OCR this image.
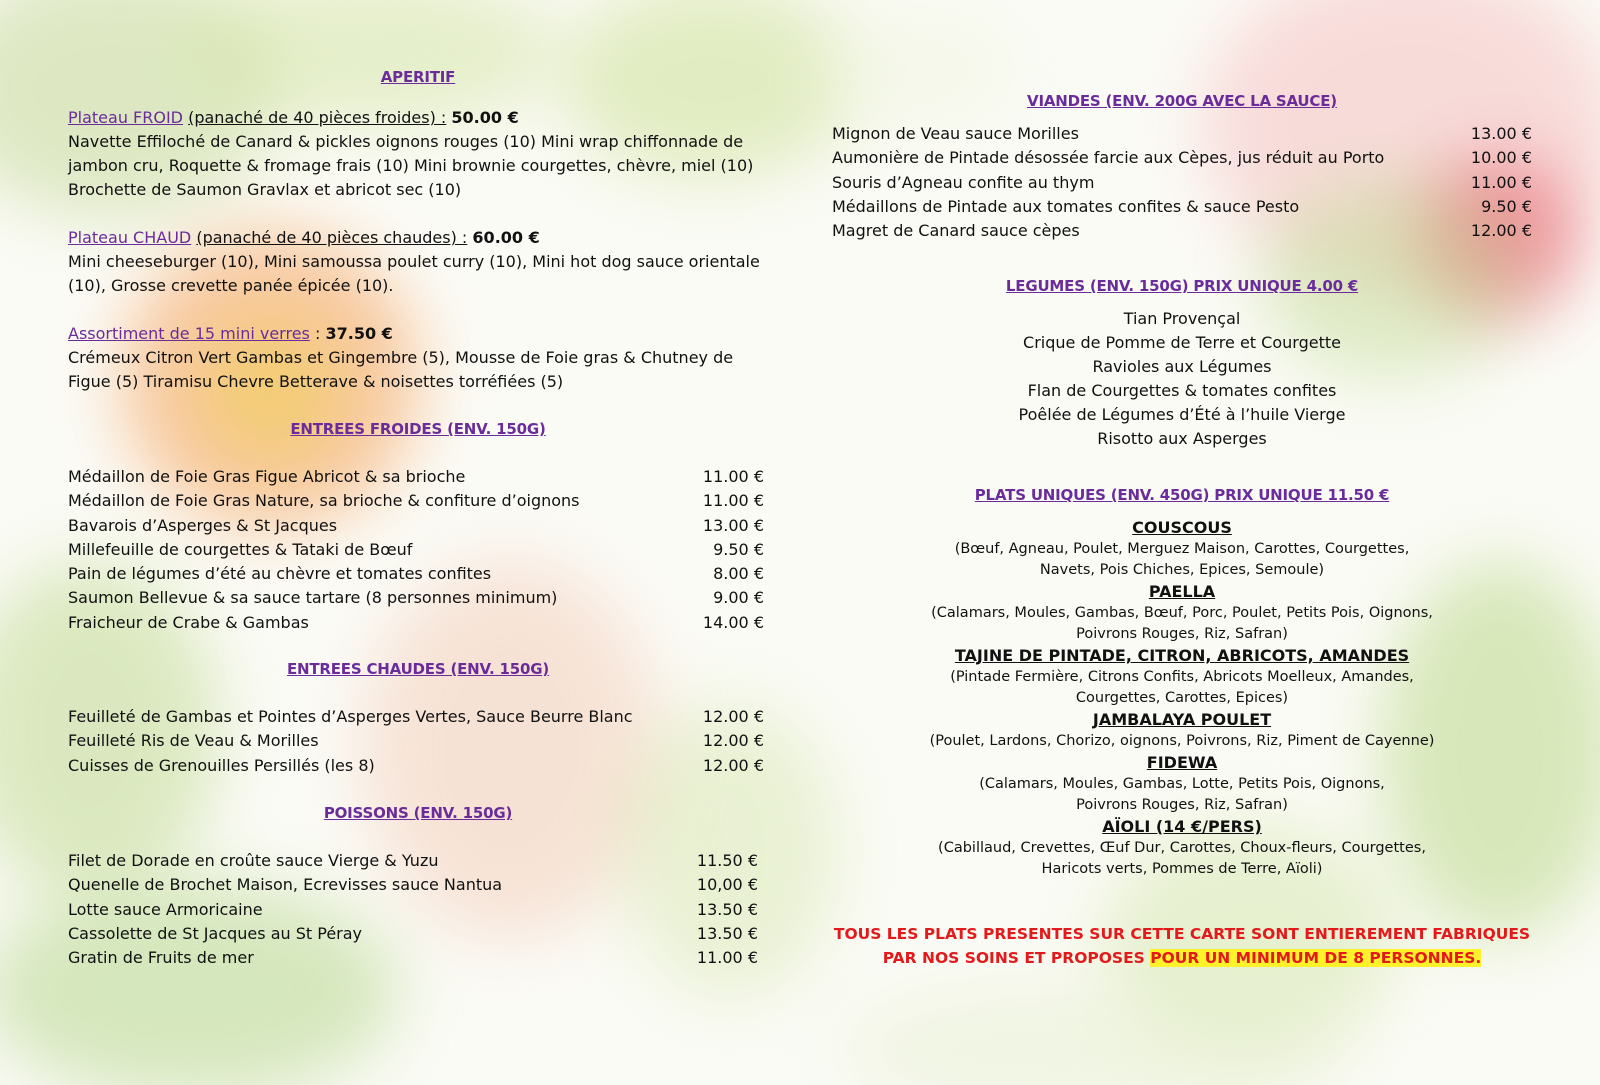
APERITIF
Plateau FROID (panaché de 40 pièces froides) : 50.00 €
Navette Effiloché de Canard & pickles oignons rouges (10) Mini wrap chiffonnade de jambon cru, Roquette & fromage frais (10) Mini brownie courgettes, chèvre, miel (10) Brochette de Saumon Gravlax et abricot sec (10)
Plateau CHAUD (panaché de 40 pièces chaudes) : 60.00 €
Mini cheeseburger (10), Mini samoussa poulet curry (10), Mini hot dog sauce orientale (10), Grosse crevette panée épicée (10).
Assortiment de 15 mini verres : 37.50 €
Crémeux Citron Vert Gambas et Gingembre (5), Mousse de Foie gras & Chutney de Figue (5) Tiramisu Chevre Betterave & noisettes torréfiées (5)
ENTREES FROIDES (ENV. 150G)
Médaillon de Foie Gras Figue Abricot & sa brioche	11.00 €
Médaillon de Foie Gras Nature, sa brioche & confiture d’oignons	11.00 €
Bavarois d’Asperges & St Jacques	13.00 €
Millefeuille de courgettes & Tataki de Bœuf	9.50 €
Pain de légumes d’été au chèvre et tomates confites	8.00 €
Saumon Bellevue & sa sauce tartare (8 personnes minimum)	9.00 €
Fraicheur de Crabe & Gambas	14.00 €
ENTREES CHAUDES (ENV. 150G)
Feuilleté de Gambas et Pointes d’Asperges Vertes, Sauce Beurre Blanc	12.00 €
Feuilleté Ris de Veau & Morilles	12.00 €
Cuisses de Grenouilles Persillés (les 8)	12.00 €
POISSONS (ENV. 150G)
Filet de Dorade en croûte sauce Vierge & Yuzu	11.50 €
Quenelle de Brochet Maison, Ecrevisses sauce Nantua	10,00 €
Lotte sauce Armoricaine	13.50 €
Cassolette de St Jacques au St Péray	13.50 €
Gratin de Fruits de mer	11.00 €
VIANDES (ENV. 200G AVEC LA SAUCE)
Mignon de Veau sauce Morilles	13.00 €
Aumonière de Pintade désossée farcie aux Cèpes, jus réduit au Porto	10.00 €
Souris d’Agneau confite au thym	11.00 €
Médaillons de Pintade aux tomates confites & sauce Pesto	9.50 €
Magret de Canard sauce cèpes	12.00 €
LEGUMES (ENV. 150G) PRIX UNIQUE 4.00 €
Tian Provençal
Crique de Pomme de Terre et Courgette
Ravioles aux Légumes
Flan de Courgettes & tomates confites
Poêlée de Légumes d’Été à l’huile Vierge
Risotto aux Asperges
PLATS UNIQUES (ENV. 450G) PRIX UNIQUE 11.50 €
COUSCOUS
(Bœuf, Agneau, Poulet, Merguez Maison, Carottes, Courgettes,
Navets, Pois Chiches, Epices, Semoule)
PAELLA
(Calamars, Moules, Gambas, Bœuf, Porc, Poulet, Petits Pois, Oignons,
Poivrons Rouges, Riz, Safran)
TAJINE DE PINTADE, CITRON, ABRICOTS, AMANDES
(Pintade Fermière, Citrons Confits, Abricots Moelleux, Amandes,
Courgettes, Carottes, Epices)
JAMBALAYA POULET
(Poulet, Lardons, Chorizo, oignons, Poivrons, Riz, Piment de Cayenne)
FIDEWA
(Calamars, Moules, Gambas, Lotte, Petits Pois, Oignons,
Poivrons Rouges, Riz, Safran)
AÏOLI (14 €/PERS)
(Cabillaud, Crevettes, Œuf Dur, Carottes, Choux-fleurs, Courgettes,
Haricots verts, Pommes de Terre, Aïoli)
TOUS LES PLATS PRESENTES SUR CETTE CARTE SONT ENTIEREMENT FABRIQUES
PAR NOS SOINS ET PROPOSES POUR UN MINIMUM DE 8 PERSONNES.
